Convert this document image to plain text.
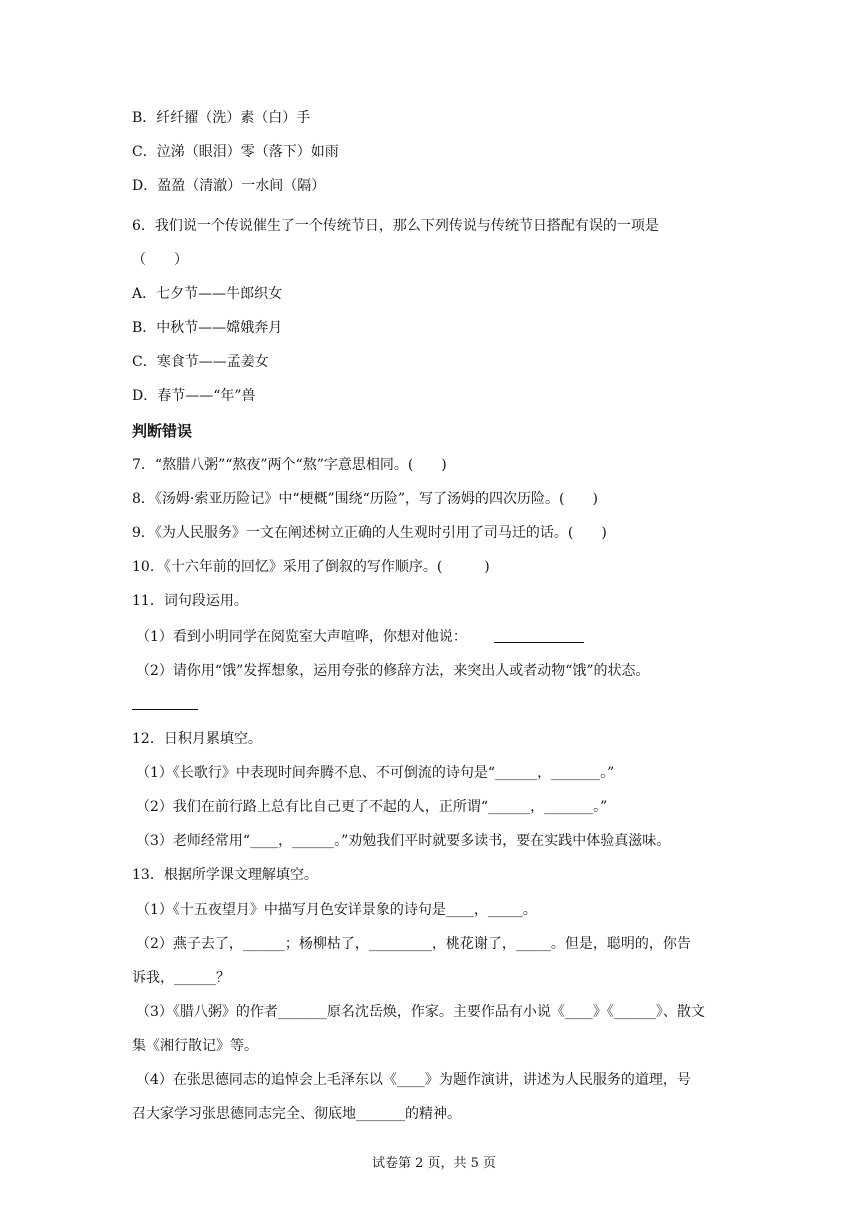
B．纤纤擢（洗）素（白）手
C．泣涕（眼泪）零（落下）如雨
D．盈盈（清澈）一水间（隔）
6．我们说一个传说催生了一个传统节日，那么下列传说与传统节日搭配有误的一项是
（　　）
A．七夕节——牛郎织女
B．中秋节——嫦娥奔月
C．寒食节——孟姜女
D．春节——“年”兽
判断错误
7．“熬腊八粥”“熬夜”两个“熬”字意思相同。(　　)
8．《汤姆·索亚历险记》中“梗概”围绕“历险”，写了汤姆的四次历险。(　　)
9．《为人民服务》一文在阐述树立正确的人生观时引用了司马迁的话。(　　)
10．《十六年前的回忆》采用了倒叙的写作顺序。(　　　)
11．词句段运用。
（1）看到小明同学在阅览室大声喧哗，你想对他说：
（2）请你用“饿”发挥想象，运用夸张的修辞方法，来突出人或者动物“饿”的状态。
12．日积月累填空。
（1）《长歌行》中表现时间奔腾不息、不可倒流的诗句是“______，_______。”
（2）我们在前行路上总有比自己更了不起的人，正所谓“______，_______。”
（3）老师经常用“____，______。”劝勉我们平时就要多读书，要在实践中体验真滋味。
13．根据所学课文理解填空。
（1）《十五夜望月》中描写月色安详景象的诗句是____，_____。
（2）燕子去了，______；杨柳枯了，_________，桃花谢了，_____。但是，聪明的，你告
诉我，______？
（3）《腊八粥》的作者_______原名沈岳焕，作家。主要作品有小说《____》《______》、散文
集《湘行散记》等。
（4）在张思德同志的追悼会上毛泽东以《____》为题作演讲，讲述为人民服务的道理，号
召大家学习张思德同志完全、彻底地_______的精神。
试卷第 2 页，共 5 页
